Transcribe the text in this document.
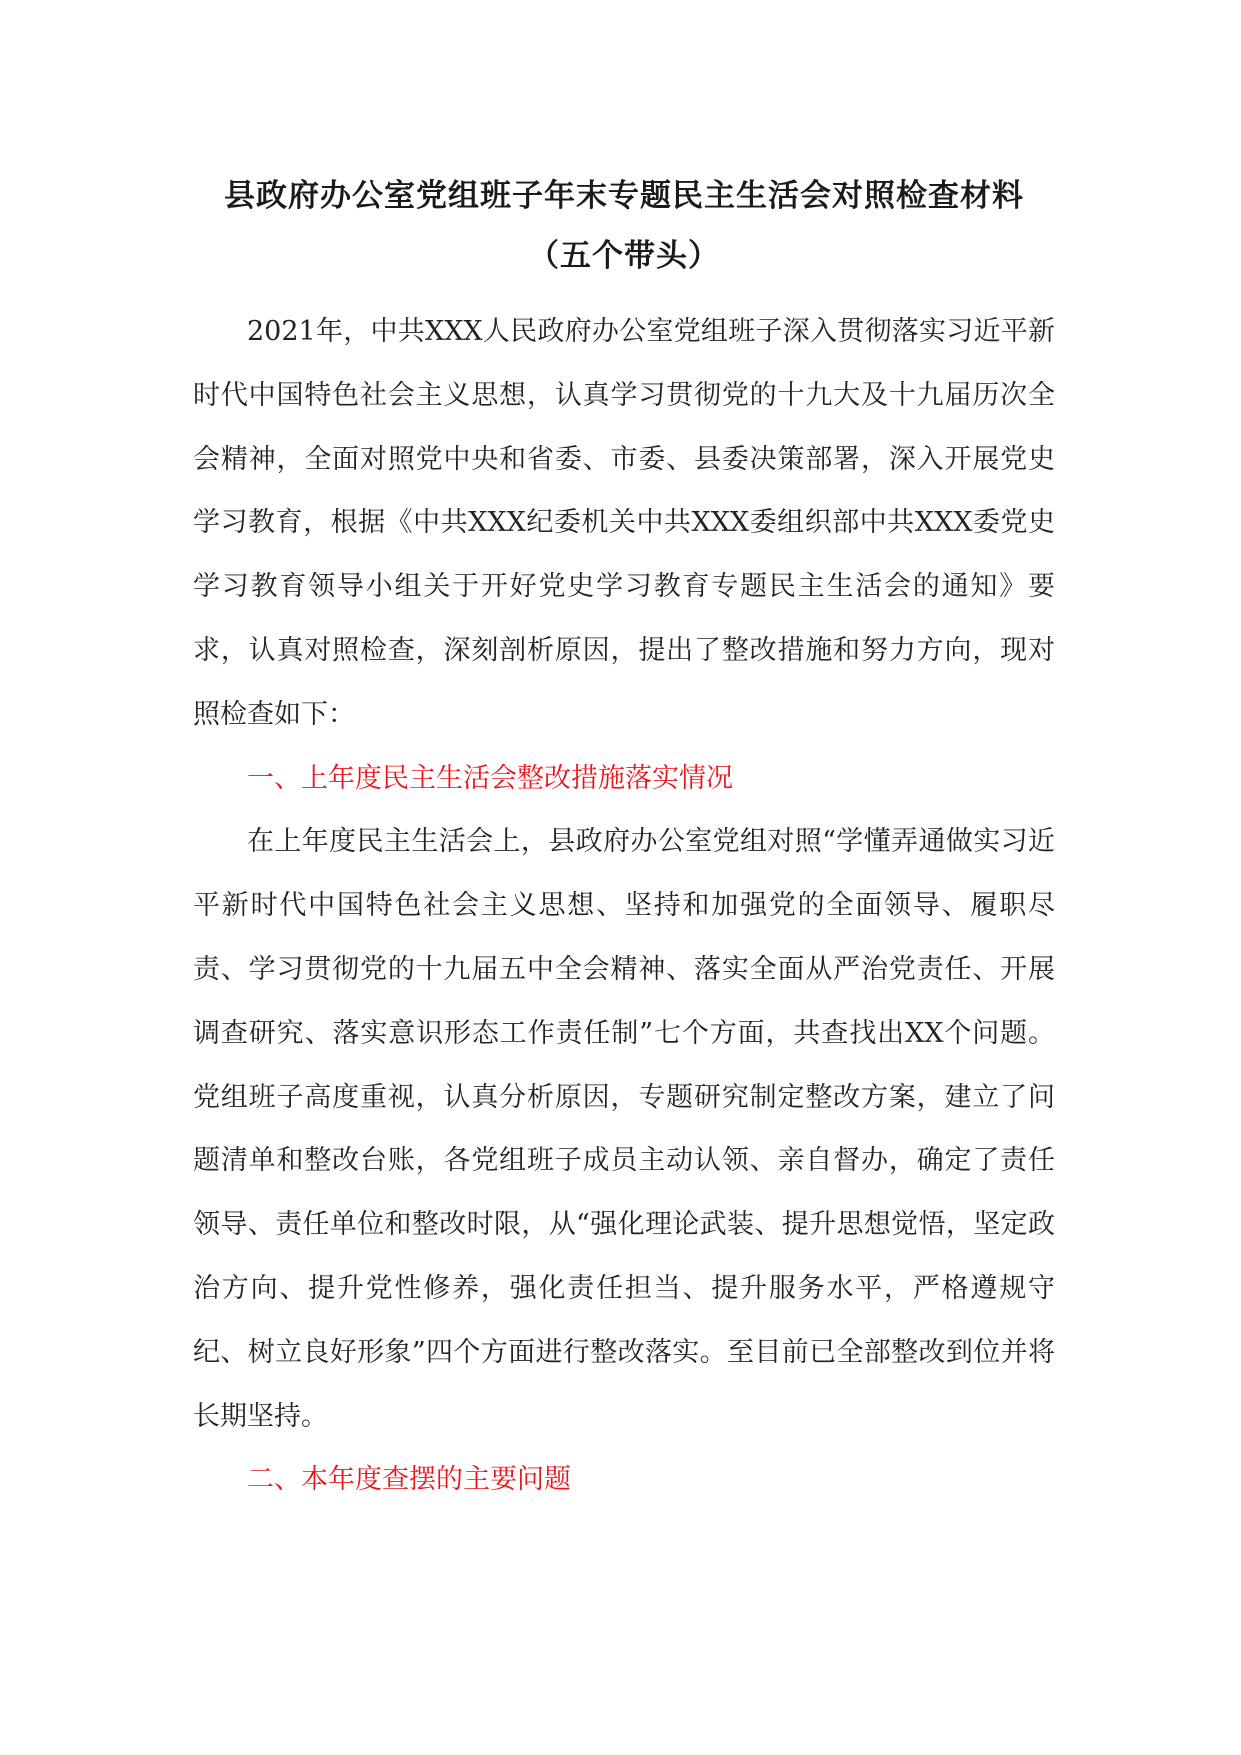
县政府办公室党组班子年末专题民主生活会对照检查材料
（五个带头）

2021年，中共XXX人民政府办公室党组班子深入贯彻落实习近平新时代中国特色社会主义思想，认真学习贯彻党的十九大及十九届历次全会精神，全面对照党中央和省委、市委、县委决策部署，深入开展党史学习教育，根据《中共XXX纪委机关中共XXX委组织部中共XXX委党史学习教育领导小组关于开好党史学习教育专题民主生活会的通知》要求，认真对照检查，深刻剖析原因，提出了整改措施和努力方向，现对照检查如下：

一、上年度民主生活会整改措施落实情况

在上年度民主生活会上，县政府办公室党组对照“学懂弄通做实习近平新时代中国特色社会主义思想、坚持和加强党的全面领导、履职尽责、学习贯彻党的十九届五中全会精神、落实全面从严治党责任、开展调查研究、落实意识形态工作责任制”七个方面，共查找出XX个问题。党组班子高度重视，认真分析原因，专题研究制定整改方案，建立了问题清单和整改台账，各党组班子成员主动认领、亲自督办，确定了责任领导、责任单位和整改时限，从“强化理论武装、提升思想觉悟，坚定政治方向、提升党性修养，强化责任担当、提升服务水平，严格遵规守纪、树立良好形象”四个方面进行整改落实。至目前已全部整改到位并将长期坚持。

二、本年度查摆的主要问题
